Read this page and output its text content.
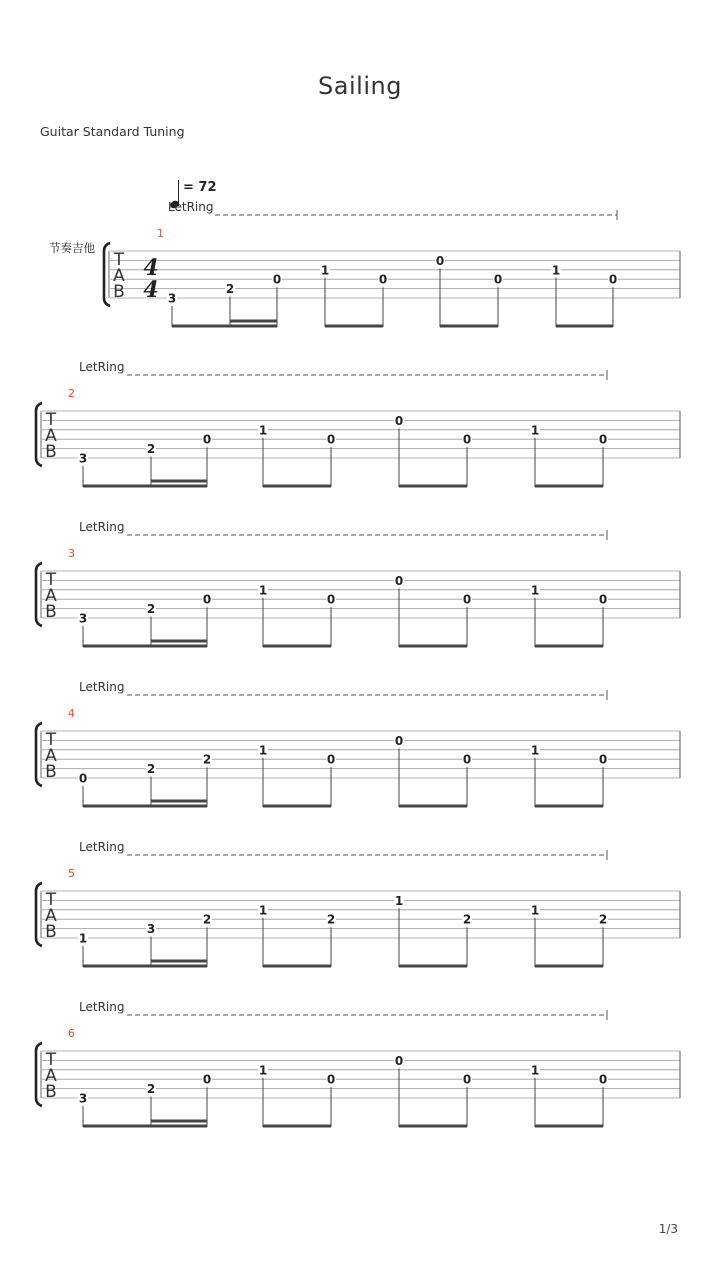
Sailing
Guitar Standard Tuning
= 72
节奏吉他
LetRing
1
T
A
B
4
4 3
2
0
1
0
0
0
1
0
LetRing
2
T
A
B 3
2
0
1
0
0
0
1
0
LetRing
3
T
A
B 3
2
0
1
0
0
0
1
0
LetRing
4
T
A
B 0
2
2
1
0
0
0
1
0
LetRing
5
T
A
B 1
3
2
1
2
1
2
1
2
LetRing
6
T
A
B 3
2
0
1
0
0
0
1
0
1/3
